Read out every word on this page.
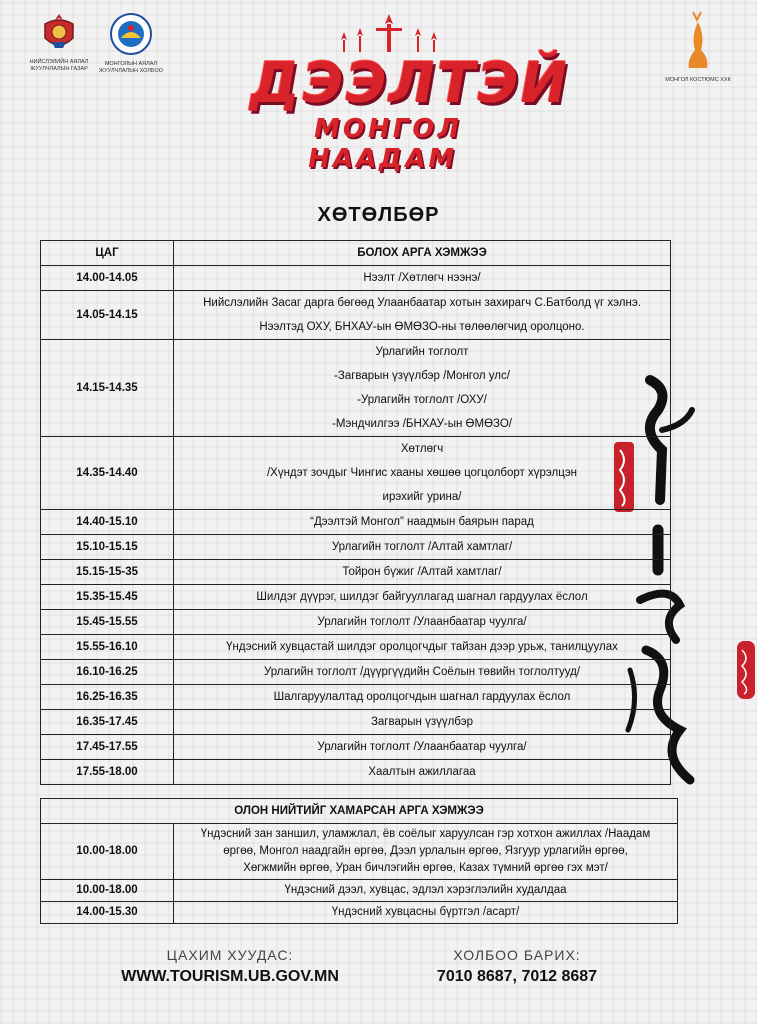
НИЙСЛЭЛИЙН АЯЛАЛ ЖУУЛЧЛАЛЫН ГАЗАР
МОНГОЛЫН АЯЛАЛ ЖУУЛЧЛАЛЫН ХОЛБОО
МОНГОЛ КОСТЮМС ХХК
ДЭЭЛТЭЙ
МОНГОЛ НААДАМ
ХӨТӨЛБӨР
ЦАГ	БОЛОХ АРГА ХЭМЖЭЭ
14.00-14.05	Нээлт /Хөтлөгч нээнэ/

14.05-14.15	Нийслэлийн Засаг дарга бөгөөд Улаанбаатар хотын захирагч С.Батболд үг хэлнэ.
Нээлтэд ОХУ, БНХАУ-ын ӨМӨЗО-ны төлөөлөгчид оролцоно.

14.15-14.35	Урлагийн тоглолт
-Загварын үзүүлбэр /Монгол улс/
-Урлагийн тоглолт /ОХУ/
-Мэндчилгээ /БНХАУ-ын ӨМӨЗО/

14.35-14.40	Хөтлөгч
/Хүндэт зочдыг Чингис хааны хөшөө цогцолборт хүрэлцэн
ирэхийг урина/

14.40-15.10	“Дээлтэй Монгол” наадмын баярын парад

15.10-15.15	Урлагийн тоглолт /Алтай хамтлаг/

15.15-15-35	Тойрон бүжиг /Алтай хамтлаг/

15.35-15.45	Шилдэг дүүрэг, шилдэг байгууллагад шагнал гардуулах ёслол

15.45-15.55	Урлагийн тоглолт /Улаанбаатар чуулга/

15.55-16.10	Үндэсний хувцастай шилдэг оролцогчдыг тайзан дээр урьж, танилцуулах

16.10-16.25	Урлагийн тоглолт /дүүргүүдийн Соёлын төвийн тоглолтууд/

16.25-16.35	Шалгаруулалтад оролцогчдын шагнал гардуулах ёслол

16.35-17.45	Загварын үзүүлбэр

17.45-17.55	Урлагийн тоглолт /Улаанбаатар чуулга/

17.55-18.00	Хаалтын ажиллагаа
ОЛОН НИЙТИЙГ ХАМАРСАН АРГА ХЭМЖЭЭ	
10.00-18.00	Үндэсний зан заншил, уламжлал, ёв соёлыг харуулсан гэр хотхон ажиллах /Наадам
өргөө, Монгол наадгайн өргөө, Дээл урлалын өргөө, Язгуур урлагийн өргөө,
Хөгжмийн өргөө, Уран бичлэгийн өргөө, Казах түмний өргөө гэх мэт/

10.00-18.00	Үндэсний дээл, хувцас, эдлэл хэрэглэлийн худалдаа

14.00-15.30	Үндэсний хувцасны бүртгэл /асарт/
ЦАХИМ ХУУДАС:
WWW.TOURISM.UB.GOV.MN
ХОЛБОО БАРИХ:
7010 8687, 7012 8687
